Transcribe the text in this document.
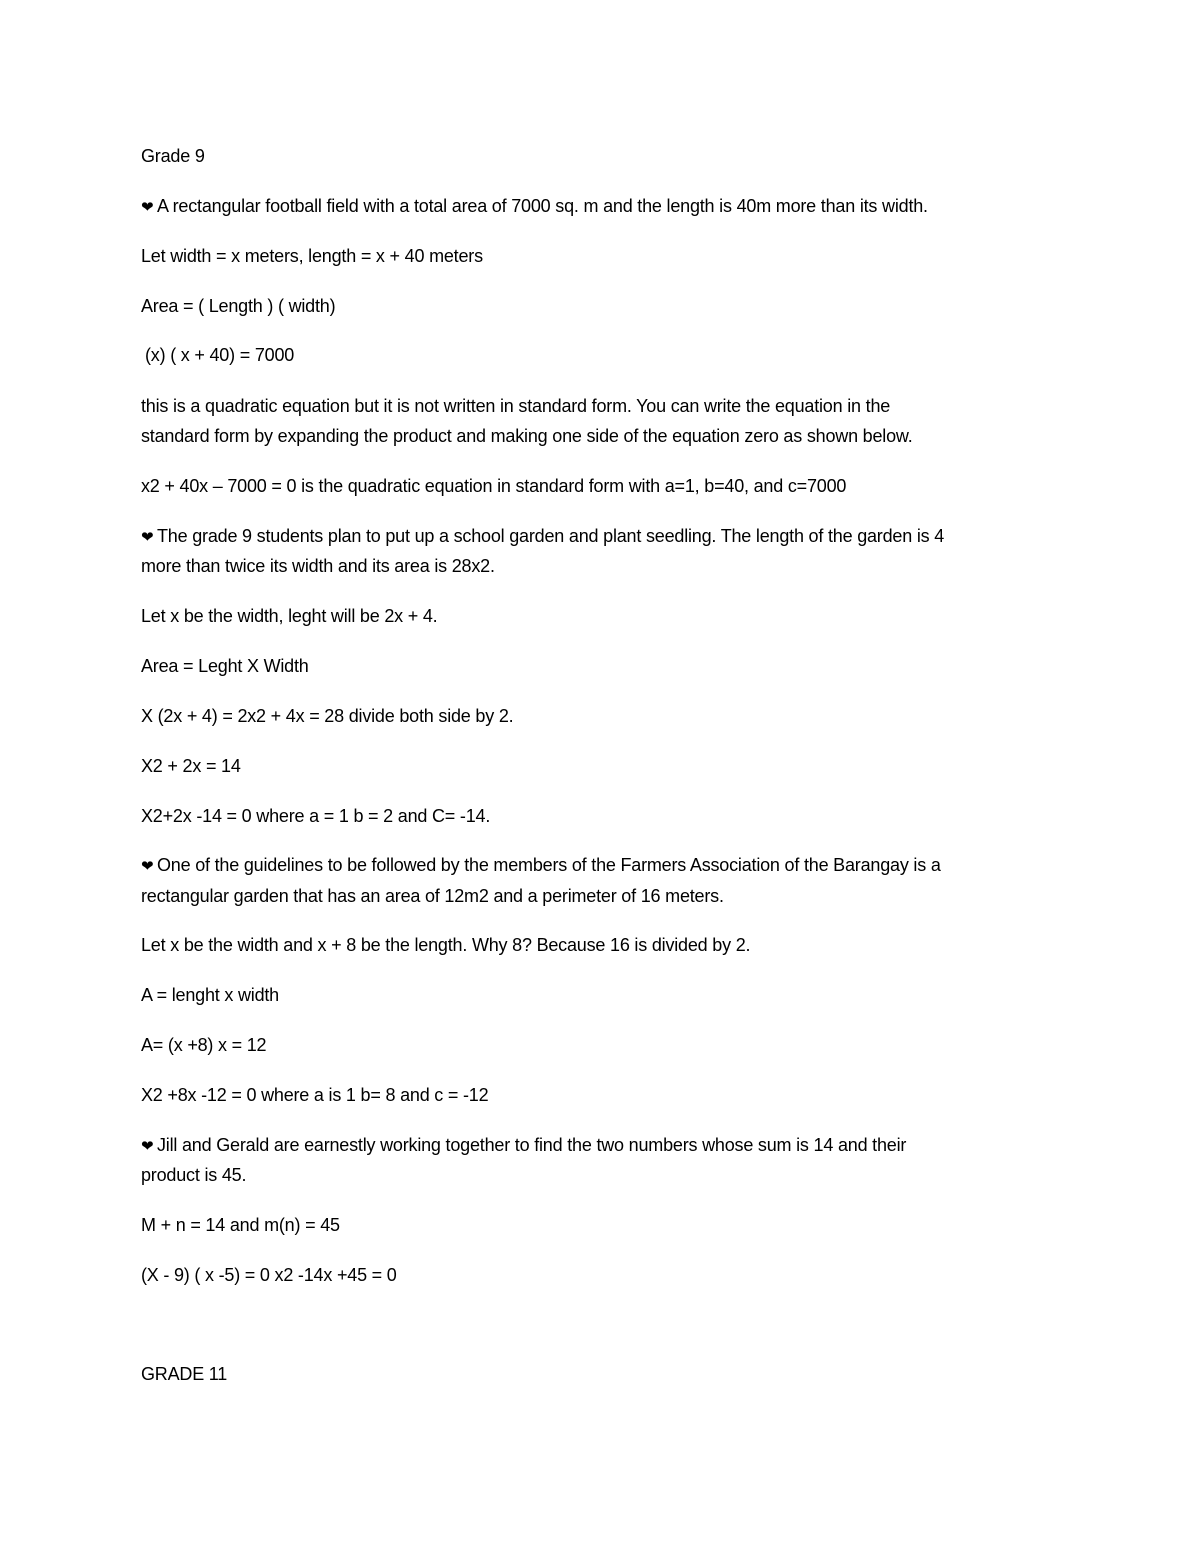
Grade 9
❤ A rectangular football field with a total area of 7000 sq. m and the length is 40m more than its width.
Let width = x meters, length = x + 40 meters
Area = ( Length ) ( width)
(x) ( x + 40) = 7000
this is a quadratic equation but it is not written in standard form. You can write the equation in the
standard form by expanding the product and making one side of the equation zero as shown below.
x2 + 40x – 7000 = 0 is the quadratic equation in standard form with a=1, b=40, and c=7000
❤ The grade 9 students plan to put up a school garden and plant seedling. The length of the garden is 4
more than twice its width and its area is 28x2.
Let x be the width, leght will be 2x + 4.
Area = Leght X Width
X (2x + 4) = 2x2 + 4x = 28 divide both side by 2.
X2 + 2x = 14
X2+2x -14 = 0 where a = 1 b = 2 and C= -14.
❤ One of the guidelines to be followed by the members of the Farmers Association of the Barangay is a
rectangular garden that has an area of 12m2 and a perimeter of 16 meters.
Let x be the width and x + 8 be the length. Why 8? Because 16 is divided by 2.
A = lenght x width
A= (x +8) x = 12
X2 +8x -12 = 0 where a is 1 b= 8 and c = -12
❤ Jill and Gerald are earnestly working together to find the two numbers whose sum is 14 and their
product is 45.
M + n = 14 and m(n) = 45
(X - 9) ( x -5) = 0 x2 -14x +45 = 0
GRADE 11
